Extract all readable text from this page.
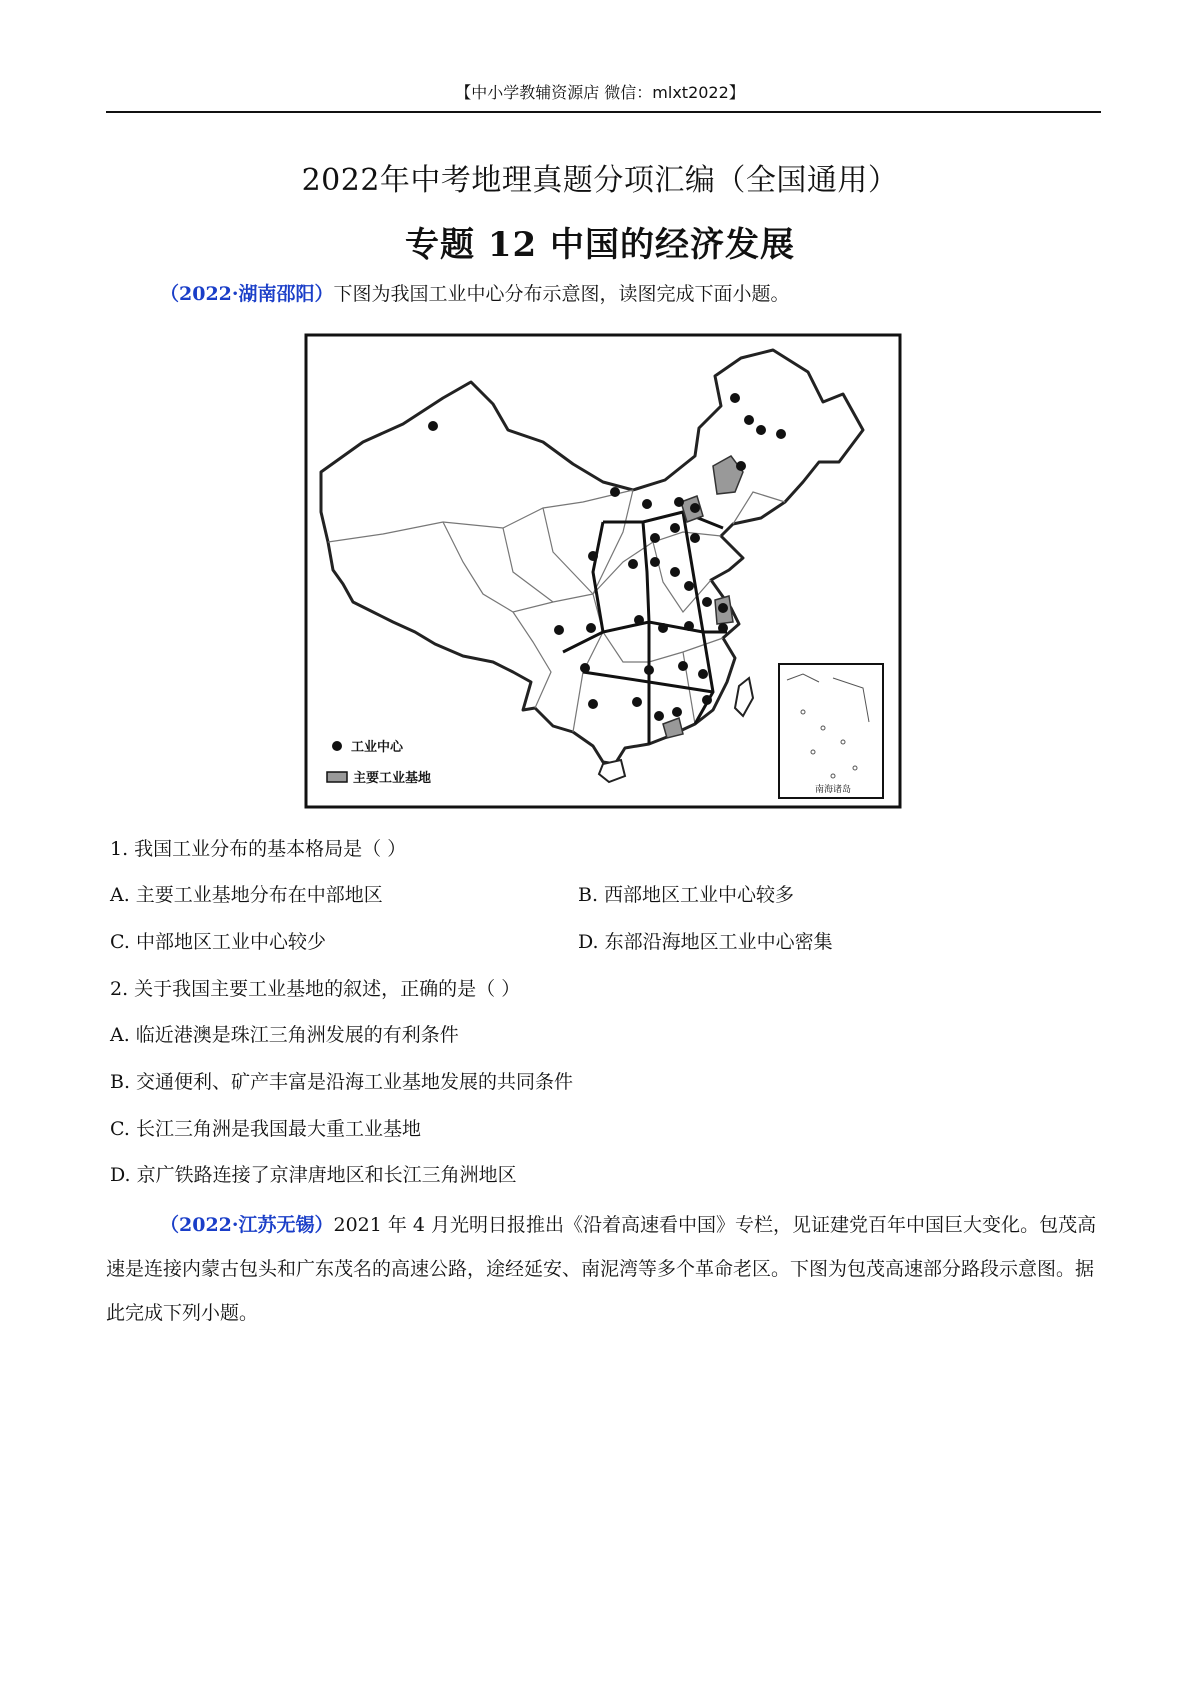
【中小学教辅资源店 微信：mlxt2022】
2022年中考地理真题分项汇编（全国通用）
专题 12 中国的经济发展
（2022·湖南邵阳）下图为我国工业中心分布示意图，读图完成下面小题。
南海诸岛
工业中心
主要工业基地
1. 我国工业分布的基本格局是（ ）
A. 主要工业基地分布在中部地区	B. 西部地区工业中心较多
C. 中部地区工业中心较少	D. 东部沿海地区工业中心密集
2. 关于我国主要工业基地的叙述，正确的是（ ）
A. 临近港澳是珠江三角洲发展的有利条件
B. 交通便利、矿产丰富是沿海工业基地发展的共同条件
C. 长江三角洲是我国最大重工业基地
D. 京广铁路连接了京津唐地区和长江三角洲地区
（2022·江苏无锡）2021 年 4 月光明日报推出《沿着高速看中国》专栏，见证建党百年中国巨大变化。包茂高速是连接内蒙古包头和广东茂名的高速公路，途经延安、南泥湾等多个革命老区。下图为包茂高速部分路段示意图。据此完成下列小题。
